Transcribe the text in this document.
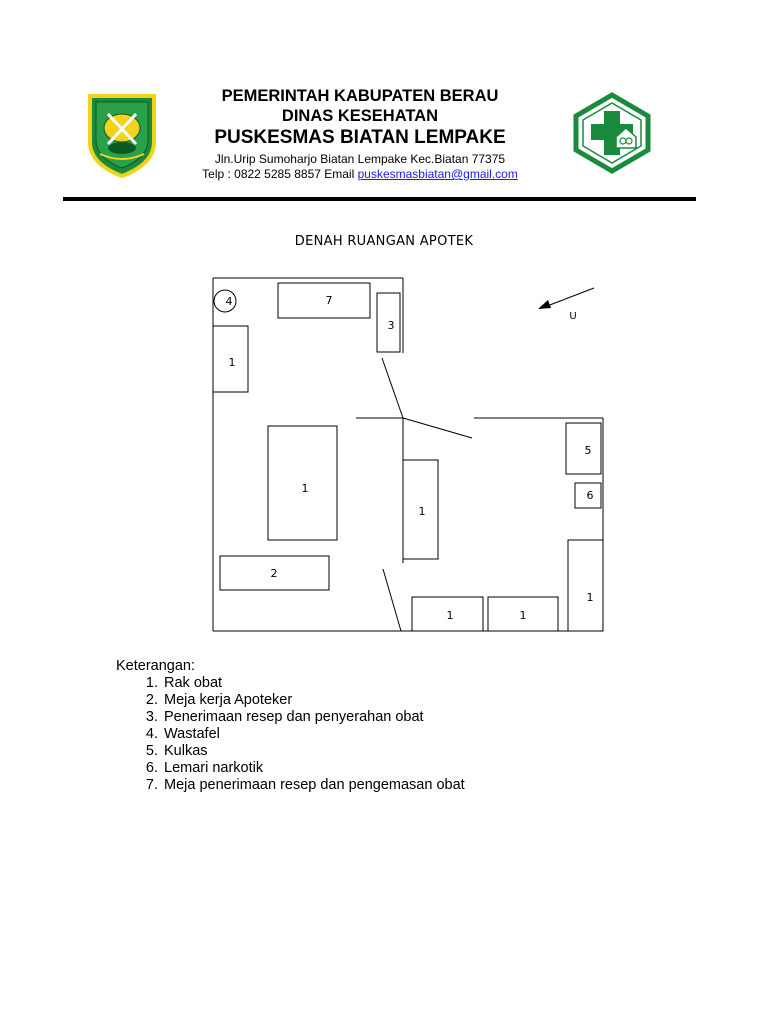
PEMERINTAH KABUPATEN BERAU
DINAS KESEHATAN
PUSKESMAS BIATAN LEMPAKE
Jln.Urip Sumoharjo Biatan Lempake Kec.Biatan 77375
Telp : 0822 5285 8857 Email puskesmasbiatan@gmail.com
DENAH RUANGAN APOTEK
4	7
3
1
1
1
2
5
6
1
1	1
U
Keterangan:
1. Rak obat
2. Meja kerja Apoteker
3. Penerimaan resep dan penyerahan obat
4. Wastafel
5. Kulkas
6. Lemari narkotik
7. Meja penerimaan resep dan pengemasan obat
